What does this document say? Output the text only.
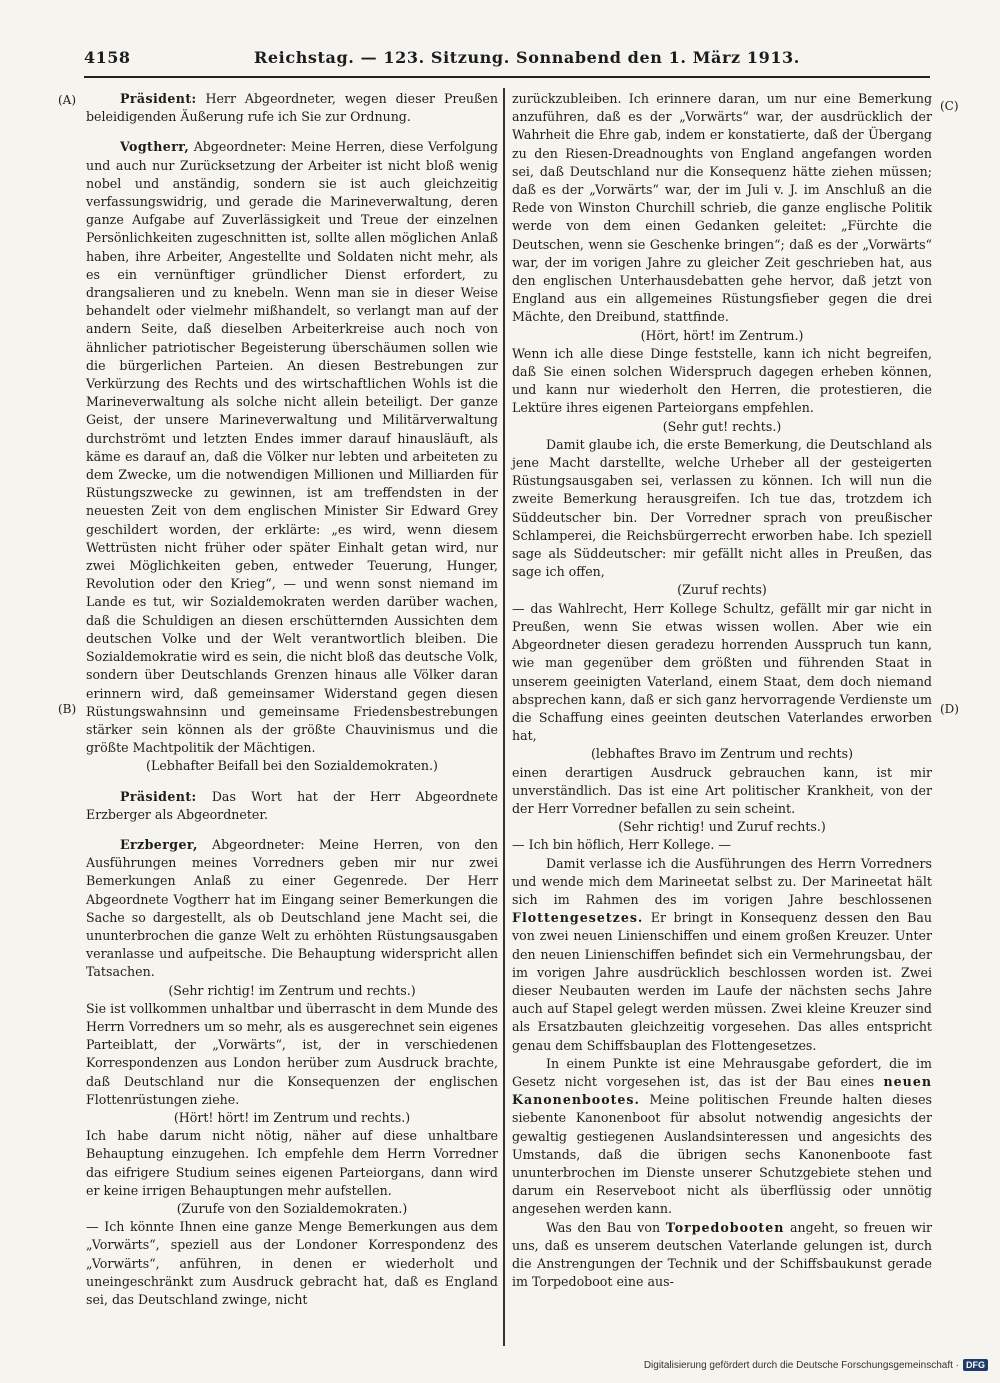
4158	Reichstag. — 123. Sitzung. Sonnabend den 1. März 1913.
(A)
(B)
(C)
(D)

Präsident: Herr Abgeordneter, wegen dieser Preußen beleidigenden Äußerung rufe ich Sie zur Ordnung.

Vogtherr, Abgeordneter: Meine Herren, diese Verfolgung und auch nur Zurücksetzung der Arbeiter ist nicht bloß wenig nobel und anständig, sondern sie ist auch gleichzeitig verfassungswidrig, und gerade die Marineverwaltung, deren ganze Aufgabe auf Zuverlässigkeit und Treue der einzelnen Persönlichkeiten zugeschnitten ist, sollte allen möglichen Anlaß haben, ihre Arbeiter, Angestellte und Soldaten nicht mehr, als es ein vernünftiger gründlicher Dienst erfordert, zu drangsalieren und zu knebeln. Wenn man sie in dieser Weise behandelt oder vielmehr mißhandelt, so verlangt man auf der andern Seite, daß dieselben Arbeiterkreise auch noch von ähnlicher patriotischer Begeisterung überschäumen sollen wie die bürgerlichen Parteien. An diesen Bestrebungen zur Verkürzung des Rechts und des wirtschaftlichen Wohls ist die Marineverwaltung als solche nicht allein beteiligt. Der ganze Geist, der unsere Marineverwaltung und Militärverwaltung durchströmt und letzten Endes immer darauf hinausläuft, als käme es darauf an, daß die Völker nur lebten und arbeiteten zu dem Zwecke, um die notwendigen Millionen und Milliarden für Rüstungszwecke zu gewinnen, ist am treffendsten in der neuesten Zeit von dem englischen Minister Sir Edward Grey geschildert worden, der erklärte: „es wird, wenn diesem Wettrüsten nicht früher oder später Einhalt getan wird, nur zwei Möglichkeiten geben, entweder Teuerung, Hunger, Revolution oder den Krieg“, — und wenn sonst niemand im Lande es tut, wir Sozialdemokraten werden darüber wachen, daß die Schuldigen an diesen erschütternden Aussichten dem deutschen Volke und der Welt verantwortlich bleiben. Die Sozialdemokratie wird es sein, die nicht bloß das deutsche Volk, sondern über Deutschlands Grenzen hinaus alle Völker daran erinnern wird, daß gemeinsamer Widerstand gegen diesen Rüstungswahnsinn und gemeinsame Friedensbestrebungen stärker sein können als der größte Chauvinismus und die größte Machtpolitik der Mächtigen.

(Lebhafter Beifall bei den Sozialdemokraten.)

Präsident: Das Wort hat der Herr Abgeordnete Erzberger als Abgeordneter.

Erzberger, Abgeordneter: Meine Herren, von den Ausführungen meines Vorredners geben mir nur zwei Bemerkungen Anlaß zu einer Gegenrede. Der Herr Abgeordnete Vogtherr hat im Eingang seiner Bemerkungen die Sache so dargestellt, als ob Deutschland jene Macht sei, die ununterbrochen die ganze Welt zu erhöhten Rüstungsausgaben veranlasse und aufpeitsche. Die Behauptung widerspricht allen Tatsachen.

(Sehr richtig! im Zentrum und rechts.)

Sie ist vollkommen unhaltbar und überrascht in dem Munde des Herrn Vorredners um so mehr, als es ausgerechnet sein eigenes Parteiblatt, der „Vorwärts“, ist, der in verschiedenen Korrespondenzen aus London herüber zum Ausdruck brachte, daß Deutschland nur die Konsequenzen der englischen Flottenrüstungen ziehe.

(Hört! hört! im Zentrum und rechts.)

Ich habe darum nicht nötig, näher auf diese unhaltbare Behauptung einzugehen. Ich empfehle dem Herrn Vorredner das eifrigere Studium seines eigenen Parteiorgans, dann wird er keine irrigen Behauptungen mehr aufstellen.

(Zurufe von den Sozialdemokraten.)

— Ich könnte Ihnen eine ganze Menge Bemerkungen aus dem „Vorwärts“, speziell aus der Londoner Korrespondenz des „Vorwärts“, anführen, in denen er wiederholt und uneingeschränkt zum Ausdruck gebracht hat, daß es England sei, das Deutschland zwinge, nicht

zurückzubleiben. Ich erinnere daran, um nur eine Bemerkung anzuführen, daß es der „Vorwärts“ war, der ausdrücklich der Wahrheit die Ehre gab, indem er konstatierte, daß der Übergang zu den Riesen-Dreadnoughts von England angefangen worden sei, daß Deutschland nur die Konsequenz hätte ziehen müssen; daß es der „Vorwärts“ war, der im Juli v. J. im Anschluß an die Rede von Winston Churchill schrieb, die ganze englische Politik werde von dem einen Gedanken geleitet: „Fürchte die Deutschen, wenn sie Geschenke bringen“; daß es der „Vorwärts“ war, der im vorigen Jahre zu gleicher Zeit geschrieben hat, aus den englischen Unterhausdebatten gehe hervor, daß jetzt von England aus ein allgemeines Rüstungsfieber gegen die drei Mächte, den Dreibund, stattfinde.

(Hört, hört! im Zentrum.)

Wenn ich alle diese Dinge feststelle, kann ich nicht begreifen, daß Sie einen solchen Widerspruch dagegen erheben können, und kann nur wiederholt den Herren, die protestieren, die Lektüre ihres eigenen Parteiorgans empfehlen.

(Sehr gut! rechts.)

Damit glaube ich, die erste Bemerkung, die Deutschland als jene Macht darstellte, welche Urheber all der gesteigerten Rüstungsausgaben sei, verlassen zu können. Ich will nun die zweite Bemerkung herausgreifen. Ich tue das, trotzdem ich Süddeutscher bin. Der Vorredner sprach von preußischer Schlamperei, die Reichsbürgerrecht erworben habe. Ich speziell sage als Süddeutscher: mir gefällt nicht alles in Preußen, das sage ich offen,

(Zuruf rechts)

— das Wahlrecht, Herr Kollege Schultz, gefällt mir gar nicht in Preußen, wenn Sie etwas wissen wollen. Aber wie ein Abgeordneter diesen geradezu horrenden Ausspruch tun kann, wie man gegenüber dem größten und führenden Staat in unserem geeinigten Vaterland, einem Staat, dem doch niemand absprechen kann, daß er sich ganz hervorragende Verdienste um die Schaffung eines geeinten deutschen Vaterlandes erworben hat,

(lebhaftes Bravo im Zentrum und rechts)

einen derartigen Ausdruck gebrauchen kann, ist mir unverständlich. Das ist eine Art politischer Krankheit, von der der Herr Vorredner befallen zu sein scheint.

(Sehr richtig! und Zuruf rechts.)

— Ich bin höflich, Herr Kollege. —

Damit verlasse ich die Ausführungen des Herrn Vorredners und wende mich dem Marineetat selbst zu. Der Marineetat hält sich im Rahmen des im vorigen Jahre beschlossenen Flottengesetzes. Er bringt in Konsequenz dessen den Bau von zwei neuen Linienschiffen und einem großen Kreuzer. Unter den neuen Linienschiffen befindet sich ein Vermehrungsbau, der im vorigen Jahre ausdrücklich beschlossen worden ist. Zwei dieser Neubauten werden im Laufe der nächsten sechs Jahre auch auf Stapel gelegt werden müssen. Zwei kleine Kreuzer sind als Ersatzbauten gleichzeitig vorgesehen. Das alles entspricht genau dem Schiffsbauplan des Flottengesetzes.

In einem Punkte ist eine Mehrausgabe gefordert, die im Gesetz nicht vorgesehen ist, das ist der Bau eines neuen Kanonenbootes. Meine politischen Freunde halten dieses siebente Kanonenboot für absolut notwendig angesichts der gewaltig gestiegenen Auslandsinteressen und angesichts des Umstands, daß die übrigen sechs Kanonenboote fast ununterbrochen im Dienste unserer Schutzgebiete stehen und darum ein Reserveboot nicht als überflüssig oder unnötig angesehen werden kann.

Was den Bau von Torpedobooten angeht, so freuen wir uns, daß es unserem deutschen Vaterlande gelungen ist, durch die Anstrengungen der Technik und der Schiffsbaukunst gerade im Torpedoboot eine aus-

Digitalisierung gefördert durch die Deutsche Forschungsgemeinschaft · DFG
